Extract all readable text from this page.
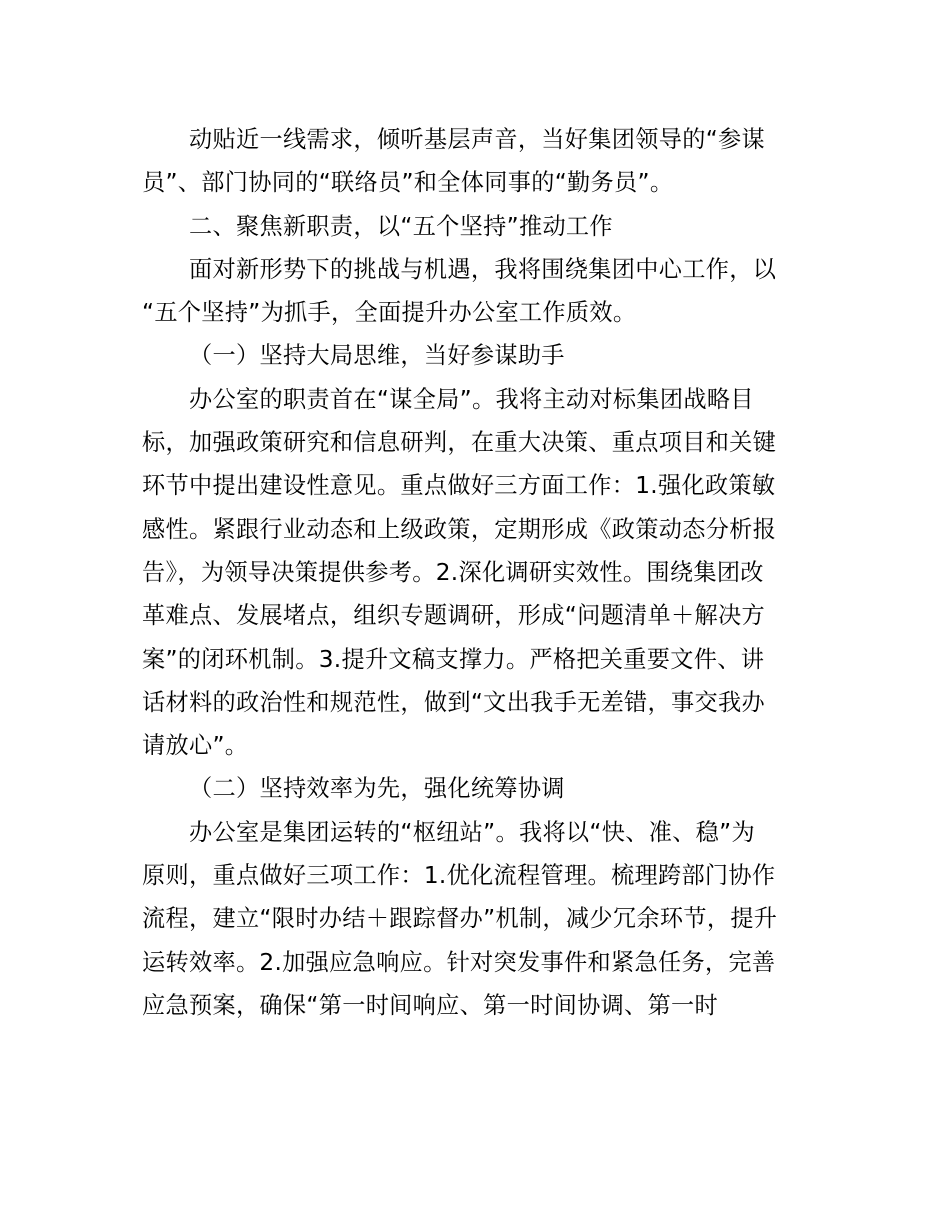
动贴近一线需求，倾听基层声音，当好集团领导的“参谋
员”、部门协同的“联络员”和全体同事的“勤务员”。
二、聚焦新职责，以“五个坚持”推动工作
面对新形势下的挑战与机遇，我将围绕集团中心工作，以
“五个坚持”为抓手，全面提升办公室工作质效。
（一）坚持大局思维，当好参谋助手
办公室的职责首在“谋全局”。我将主动对标集团战略目
标，加强政策研究和信息研判，在重大决策、重点项目和关键
环节中提出建设性意见。重点做好三方面工作：1.强化政策敏
感性。紧跟行业动态和上级政策，定期形成《政策动态分析报
告》，为领导决策提供参考。2.深化调研实效性。围绕集团改
革难点、发展堵点，组织专题调研，形成“问题清单＋解决方
案”的闭环机制。3.提升文稿支撑力。严格把关重要文件、讲
话材料的政治性和规范性，做到“文出我手无差错，事交我办
请放心”。
（二）坚持效率为先，强化统筹协调
办公室是集团运转的“枢纽站”。我将以“快、准、稳”为
原则，重点做好三项工作：1.优化流程管理。梳理跨部门协作
流程，建立“限时办结＋跟踪督办”机制，减少冗余环节，提升
运转效率。2.加强应急响应。针对突发事件和紧急任务，完善
应急预案，确保“第一时间响应、第一时间协调、第一时
